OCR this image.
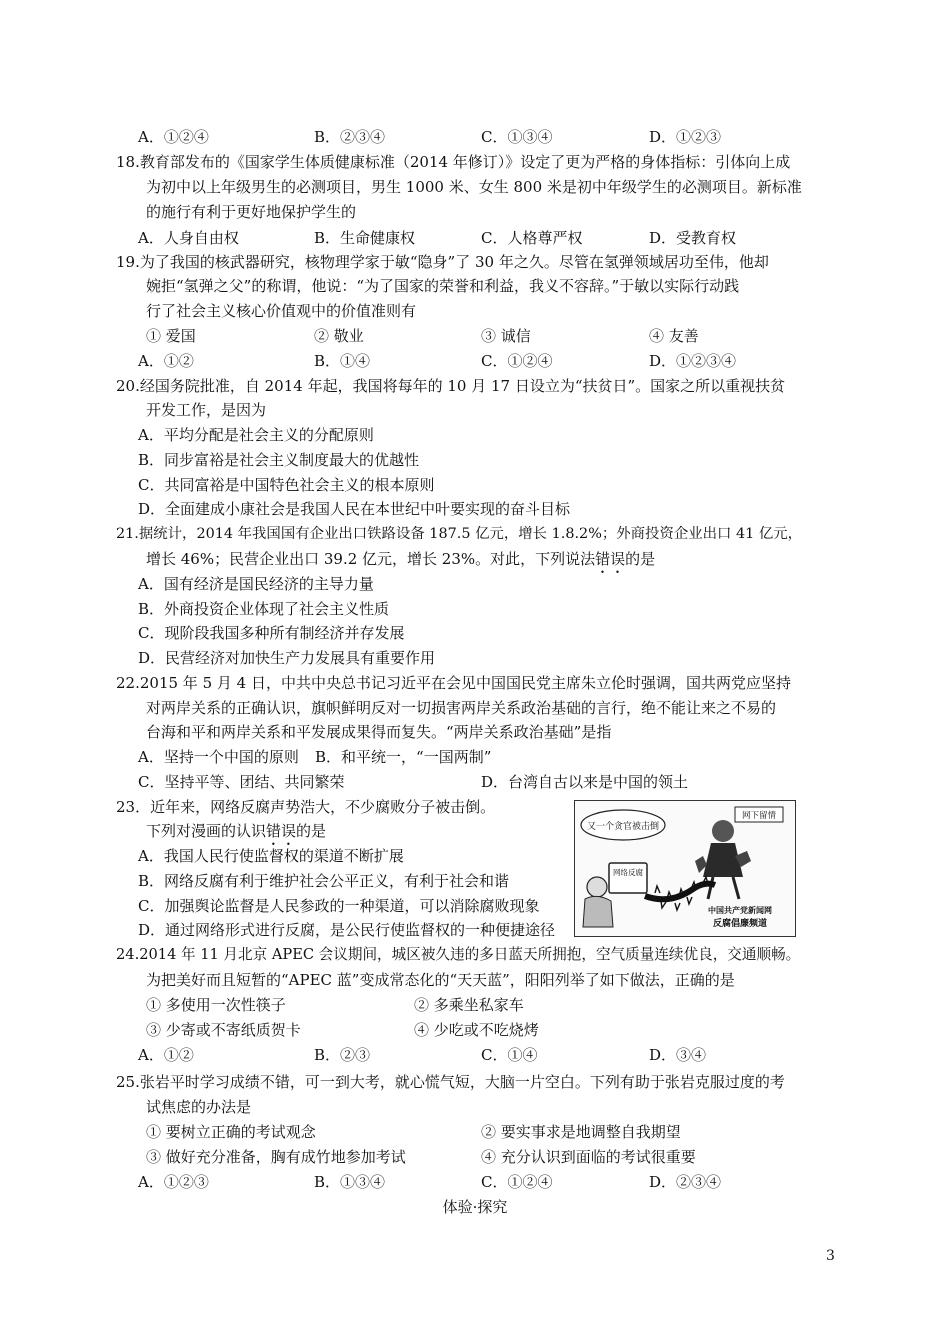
A．①②④	B．②③④	C．①③④	D．①②③
18.教育部发布的《国家学生体质健康标准（2014 年修订）》设定了更为严格的身体指标：引体向上成
为初中以上年级男生的必测项目，男生 1000 米、女生 800 米是初中年级学生的必测项目。新标准
的施行有利于更好地保护学生的
A．人身自由权	B．生命健康权	C．人格尊严权	D．受教育权
19.为了我国的核武器研究，核物理学家于敏“隐身”了 30 年之久。尽管在氢弹领域居功至伟，他却
婉拒“氢弹之父”的称谓，他说：“为了国家的荣誉和利益，我义不容辞。”于敏以实际行动践
行了社会主义核心价值观中的价值准则有
① 爱国	② 敬业	③ 诚信	④ 友善
A．①②	B．①④	C．①②④	D．①②③④
20.经国务院批准，自 2014 年起，我国将每年的 10 月 17 日设立为“扶贫日”。国家之所以重视扶贫
开发工作，是因为
A．平均分配是社会主义的分配原则
B．同步富裕是社会主义制度最大的优越性
C．共同富裕是中国特色社会主义的根本原则
D．全面建成小康社会是我国人民在本世纪中叶要实现的奋斗目标
21.据统计，2014 年我国国有企业出口铁路设备 187.5 亿元，增长 1.8.2%；外商投资企业出口 41 亿元，
增长 46%；民营企业出口 39.2 亿元，增长 23%。对此，下列说法错误的是
A．国有经济是国民经济的主导力量
B．外商投资企业体现了社会主义性质
C．现阶段我国多种所有制经济并存发展
D．民营经济对加快生产力发展具有重要作用
22.2015 年 5 月 4 日，中共中央总书记习近平在会见中国国民党主席朱立伦时强调，国共两党应坚持
对两岸关系的正确认识，旗帜鲜明反对一切损害两岸关系政治基础的言行，绝不能让来之不易的
台海和平和两岸关系和平发展成果得而复失。“两岸关系政治基础”是指
A．坚持一个中国的原则 B．和平统一，“一国两制”
C．坚持平等、团结、共同繁荣	D．台湾自古以来是中国的领土
23．近年来，网络反腐声势浩大，不少腐败分子被击倒。
下列对漫画的认识错误的是
A．我国人民行使监督权的渠道不断扩展
B．网络反腐有利于维护社会公平正义，有利于社会和谐
C．加强舆论监督是人民参政的一种渠道，可以消除腐败现象
D．通过网络形式进行反腐，是公民行使监督权的一种便捷途径
又一个贪官被击倒
网下留情
网络反腐
中国共产党新闻网
反腐倡廉频道
24.2014 年 11 月北京 APEC 会议期间，城区被久违的多日蓝天所拥抱，空气质量连续优良，交通顺畅。
为把美好而且短暂的“APEC 蓝”变成常态化的“天天蓝”，阳阳列举了如下做法，正确的是
① 多使用一次性筷子	② 多乘坐私家车
③ 少寄或不寄纸质贺卡	④ 少吃或不吃烧烤
A．①②	B．②③	C．①④	D．③④
25.张岩平时学习成绩不错，可一到大考，就心慌气短，大脑一片空白。下列有助于张岩克服过度的考
试焦虑的办法是
① 要树立正确的考试观念	② 要实事求是地调整自我期望
③ 做好充分准备，胸有成竹地参加考试	④ 充分认识到面临的考试很重要
A．①②③	B．①③④	C．①②④	D．②③④
体验·探究
3
